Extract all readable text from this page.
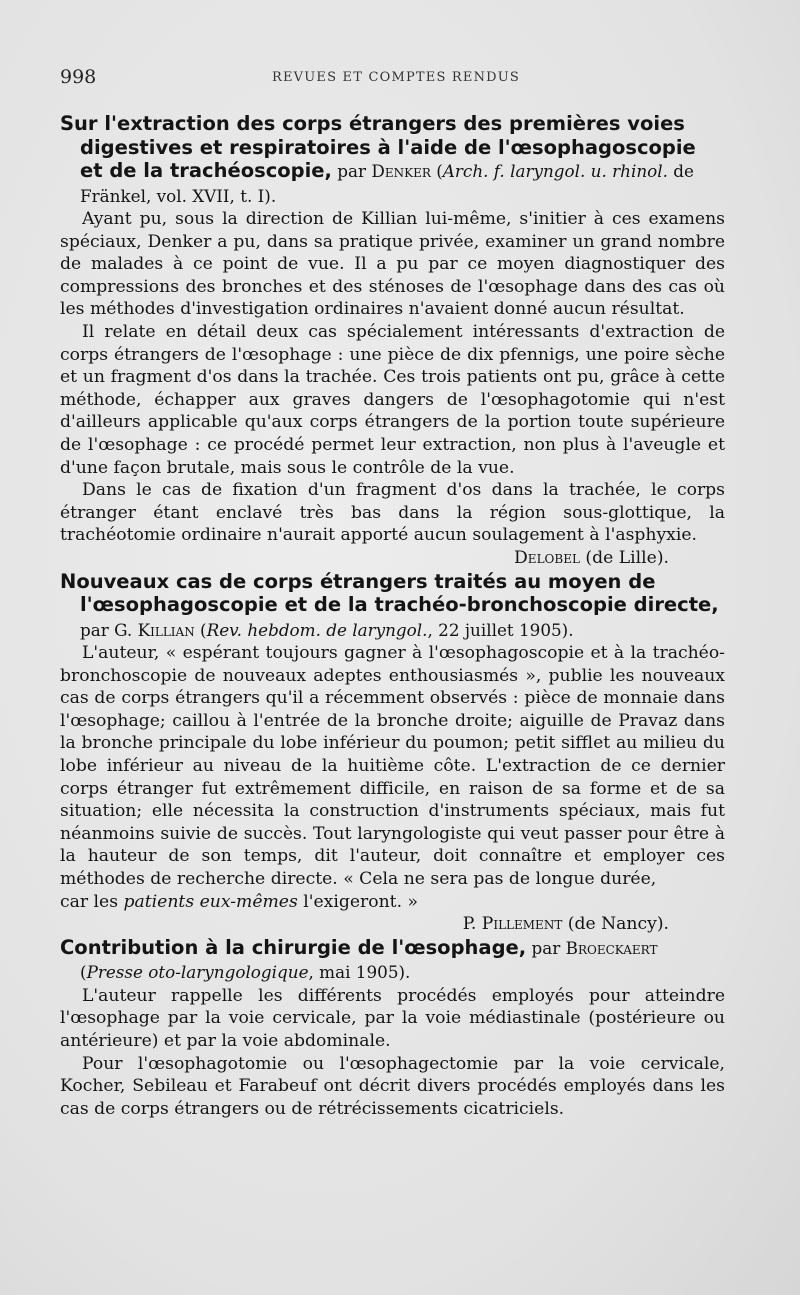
998	REVUES ET COMPTES RENDUS

Sur l'extraction des corps étrangers des premières voies digestives et respiratoires à l'aide de l'œsophagoscopie et de la trachéoscopie, par Denker (Arch. f. laryngol. u. rhinol. de Fränkel, vol. XVII, t. I).

Ayant pu, sous la direction de Killian lui-même, s'initier à ces examens spéciaux, Denker a pu, dans sa pratique privée, examiner un grand nombre de malades à ce point de vue. Il a pu par ce moyen diagnostiquer des compressions des bronches et des sténoses de l'œsophage dans des cas où les méthodes d'investigation ordinaires n'avaient donné aucun résultat.

Il relate en détail deux cas spécialement intéressants d'extraction de corps étrangers de l'œsophage : une pièce de dix pfennigs, une poire sèche et un fragment d'os dans la trachée. Ces trois patients ont pu, grâce à cette méthode, échapper aux graves dangers de l'œsophagotomie qui n'est d'ailleurs applicable qu'aux corps étrangers de la portion toute supérieure de l'œsophage : ce procédé permet leur extraction, non plus à l'aveugle et d'une façon brutale, mais sous le contrôle de la vue.

Dans le cas de fixation d'un fragment d'os dans la trachée, le corps étranger étant enclavé très bas dans la région sous-glottique, la trachéotomie ordinaire n'aurait apporté aucun soulagement à l'asphyxie.

Delobel (de Lille).

Nouveaux cas de corps étrangers traités au moyen de l'œsophagoscopie et de la trachéo-bronchoscopie directe, par G. Killian (Rev. hebdom. de laryngol., 22 juillet 1905).

L'auteur, « espérant toujours gagner à l'œsophagoscopie et à la trachéo-bronchoscopie de nouveaux adeptes enthousiasmés », publie les nouveaux cas de corps étrangers qu'il a récemment observés : pièce de monnaie dans l'œsophage; caillou à l'entrée de la bronche droite; aiguille de Pravaz dans la bronche principale du lobe inférieur du poumon; petit sifflet au milieu du lobe inférieur au niveau de la huitième côte. L'extraction de ce dernier corps étranger fut extrêmement difficile, en raison de sa forme et de sa situation; elle nécessita la construction d'instruments spéciaux, mais fut néanmoins suivie de succès. Tout laryngologiste qui veut passer pour être à la hauteur de son temps, dit l'auteur, doit connaître et employer ces méthodes de recherche directe. « Cela ne sera pas de longue durée,

car les patients eux-mêmes l'exigeront. »

P. Pillement (de Nancy).

Contribution à la chirurgie de l'œsophage, par Broeckaert (Presse oto-laryngologique, mai 1905).

L'auteur rappelle les différents procédés employés pour atteindre l'œsophage par la voie cervicale, par la voie médiastinale (postérieure ou antérieure) et par la voie abdominale.

Pour l'œsophagotomie ou l'œsophagectomie par la voie cervicale, Kocher, Sebileau et Farabeuf ont décrit divers procédés employés dans les cas de corps étrangers ou de rétrécissements cicatriciels.
